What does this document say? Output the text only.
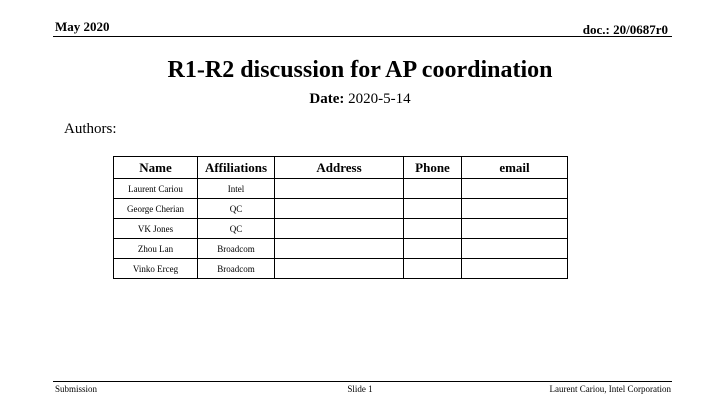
May 2020	doc.: 20/0687r0
R1-R2 discussion for AP coordination
Date: 2020-5-14
Authors:
Name	Affiliations	Address	Phone	email
Laurent Cariou	Intel			
George Cherian	QC			
VK Jones	QC			
Zhou Lan	Broadcom			
Vinko Erceg	Broadcom			
Submission	Slide 1	Laurent Cariou, Intel Corporation
